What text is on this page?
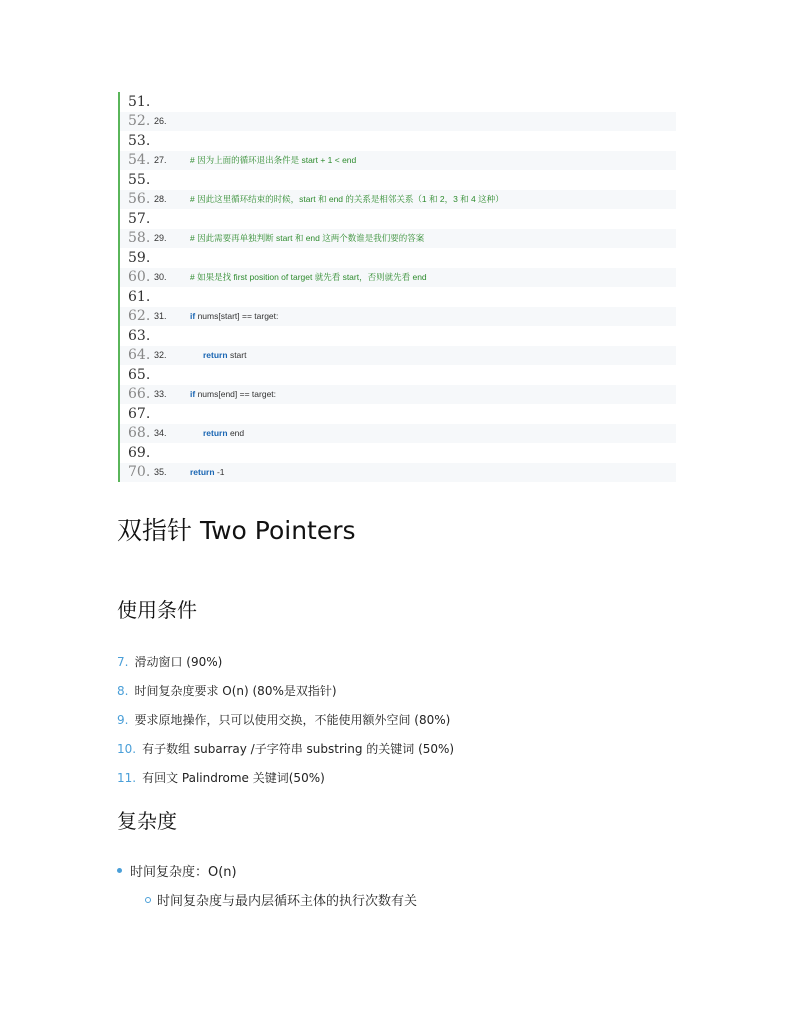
51.
52. 26.
53.
54. 27.	# 因为上面的循环退出条件是 start + 1 < end
55.
56. 28.	# 因此这里循环结束的时候，start 和 end 的关系是相邻关系（1 和 2，3 和 4 这种）
57.
58. 29.	# 因此需要再单独判断 start 和 end 这两个数谁是我们要的答案
59.
60. 30.	# 如果是找 first position of target 就先看 start，否则就先看 end
61.
62. 31.	if nums[start] == target:
63.
64. 32.	return start
65.
66. 33.	if nums[end] == target:
67.
68. 34.	return end
69.
70. 35.	return -1
双指针 Two Pointers
使用条件
7. 滑动窗口 (90%)
8. 时间复杂度要求 O(n) (80%是双指针)
9. 要求原地操作，只可以使用交换，不能使用额外空间 (80%)
10. 有子数组 subarray /子字符串 substring 的关键词 (50%)
11. 有回文 Palindrome 关键词(50%)
复杂度
时间复杂度：O(n)
时间复杂度与最内层循环主体的执行次数有关
